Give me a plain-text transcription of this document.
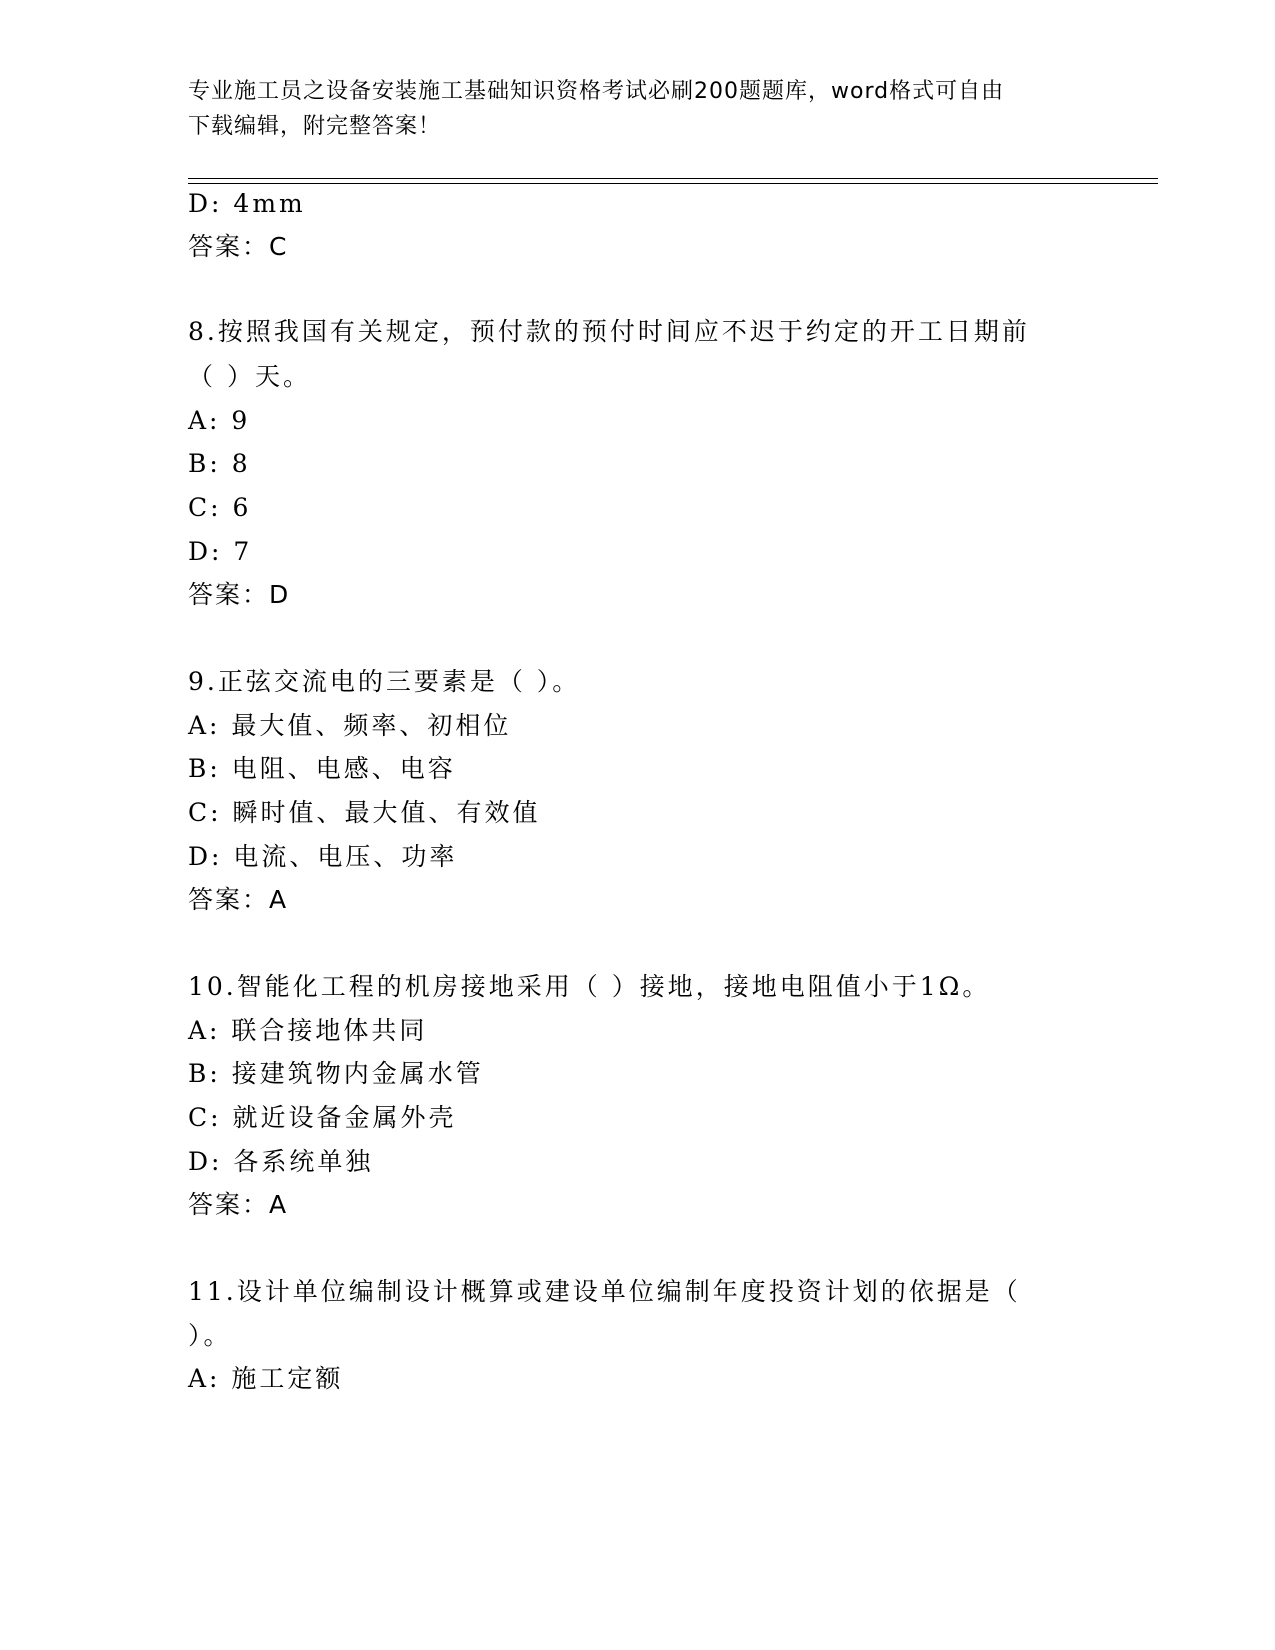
专业施工员之设备安装施工基础知识资格考试必刷200题题库，word格式可自由
下载编辑，附完整答案！
D: 4mm
答案：C
8.按照我国有关规定，预付款的预付时间应不迟于约定的开工日期前
（ ）天。
A: 9
B: 8
C: 6
D: 7
答案：D
9.正弦交流电的三要素是（ ）。
A: 最大值、频率、初相位
B: 电阻、电感、电容
C: 瞬时值、最大值、有效值
D: 电流、电压、功率
答案：A
10.智能化工程的机房接地采用（ ）接地，接地电阻值小于1Ω。
A: 联合接地体共同
B: 接建筑物内金属水管
C: 就近设备金属外壳
D: 各系统单独
答案：A
11.设计单位编制设计概算或建设单位编制年度投资计划的依据是（
）。
A: 施工定额
